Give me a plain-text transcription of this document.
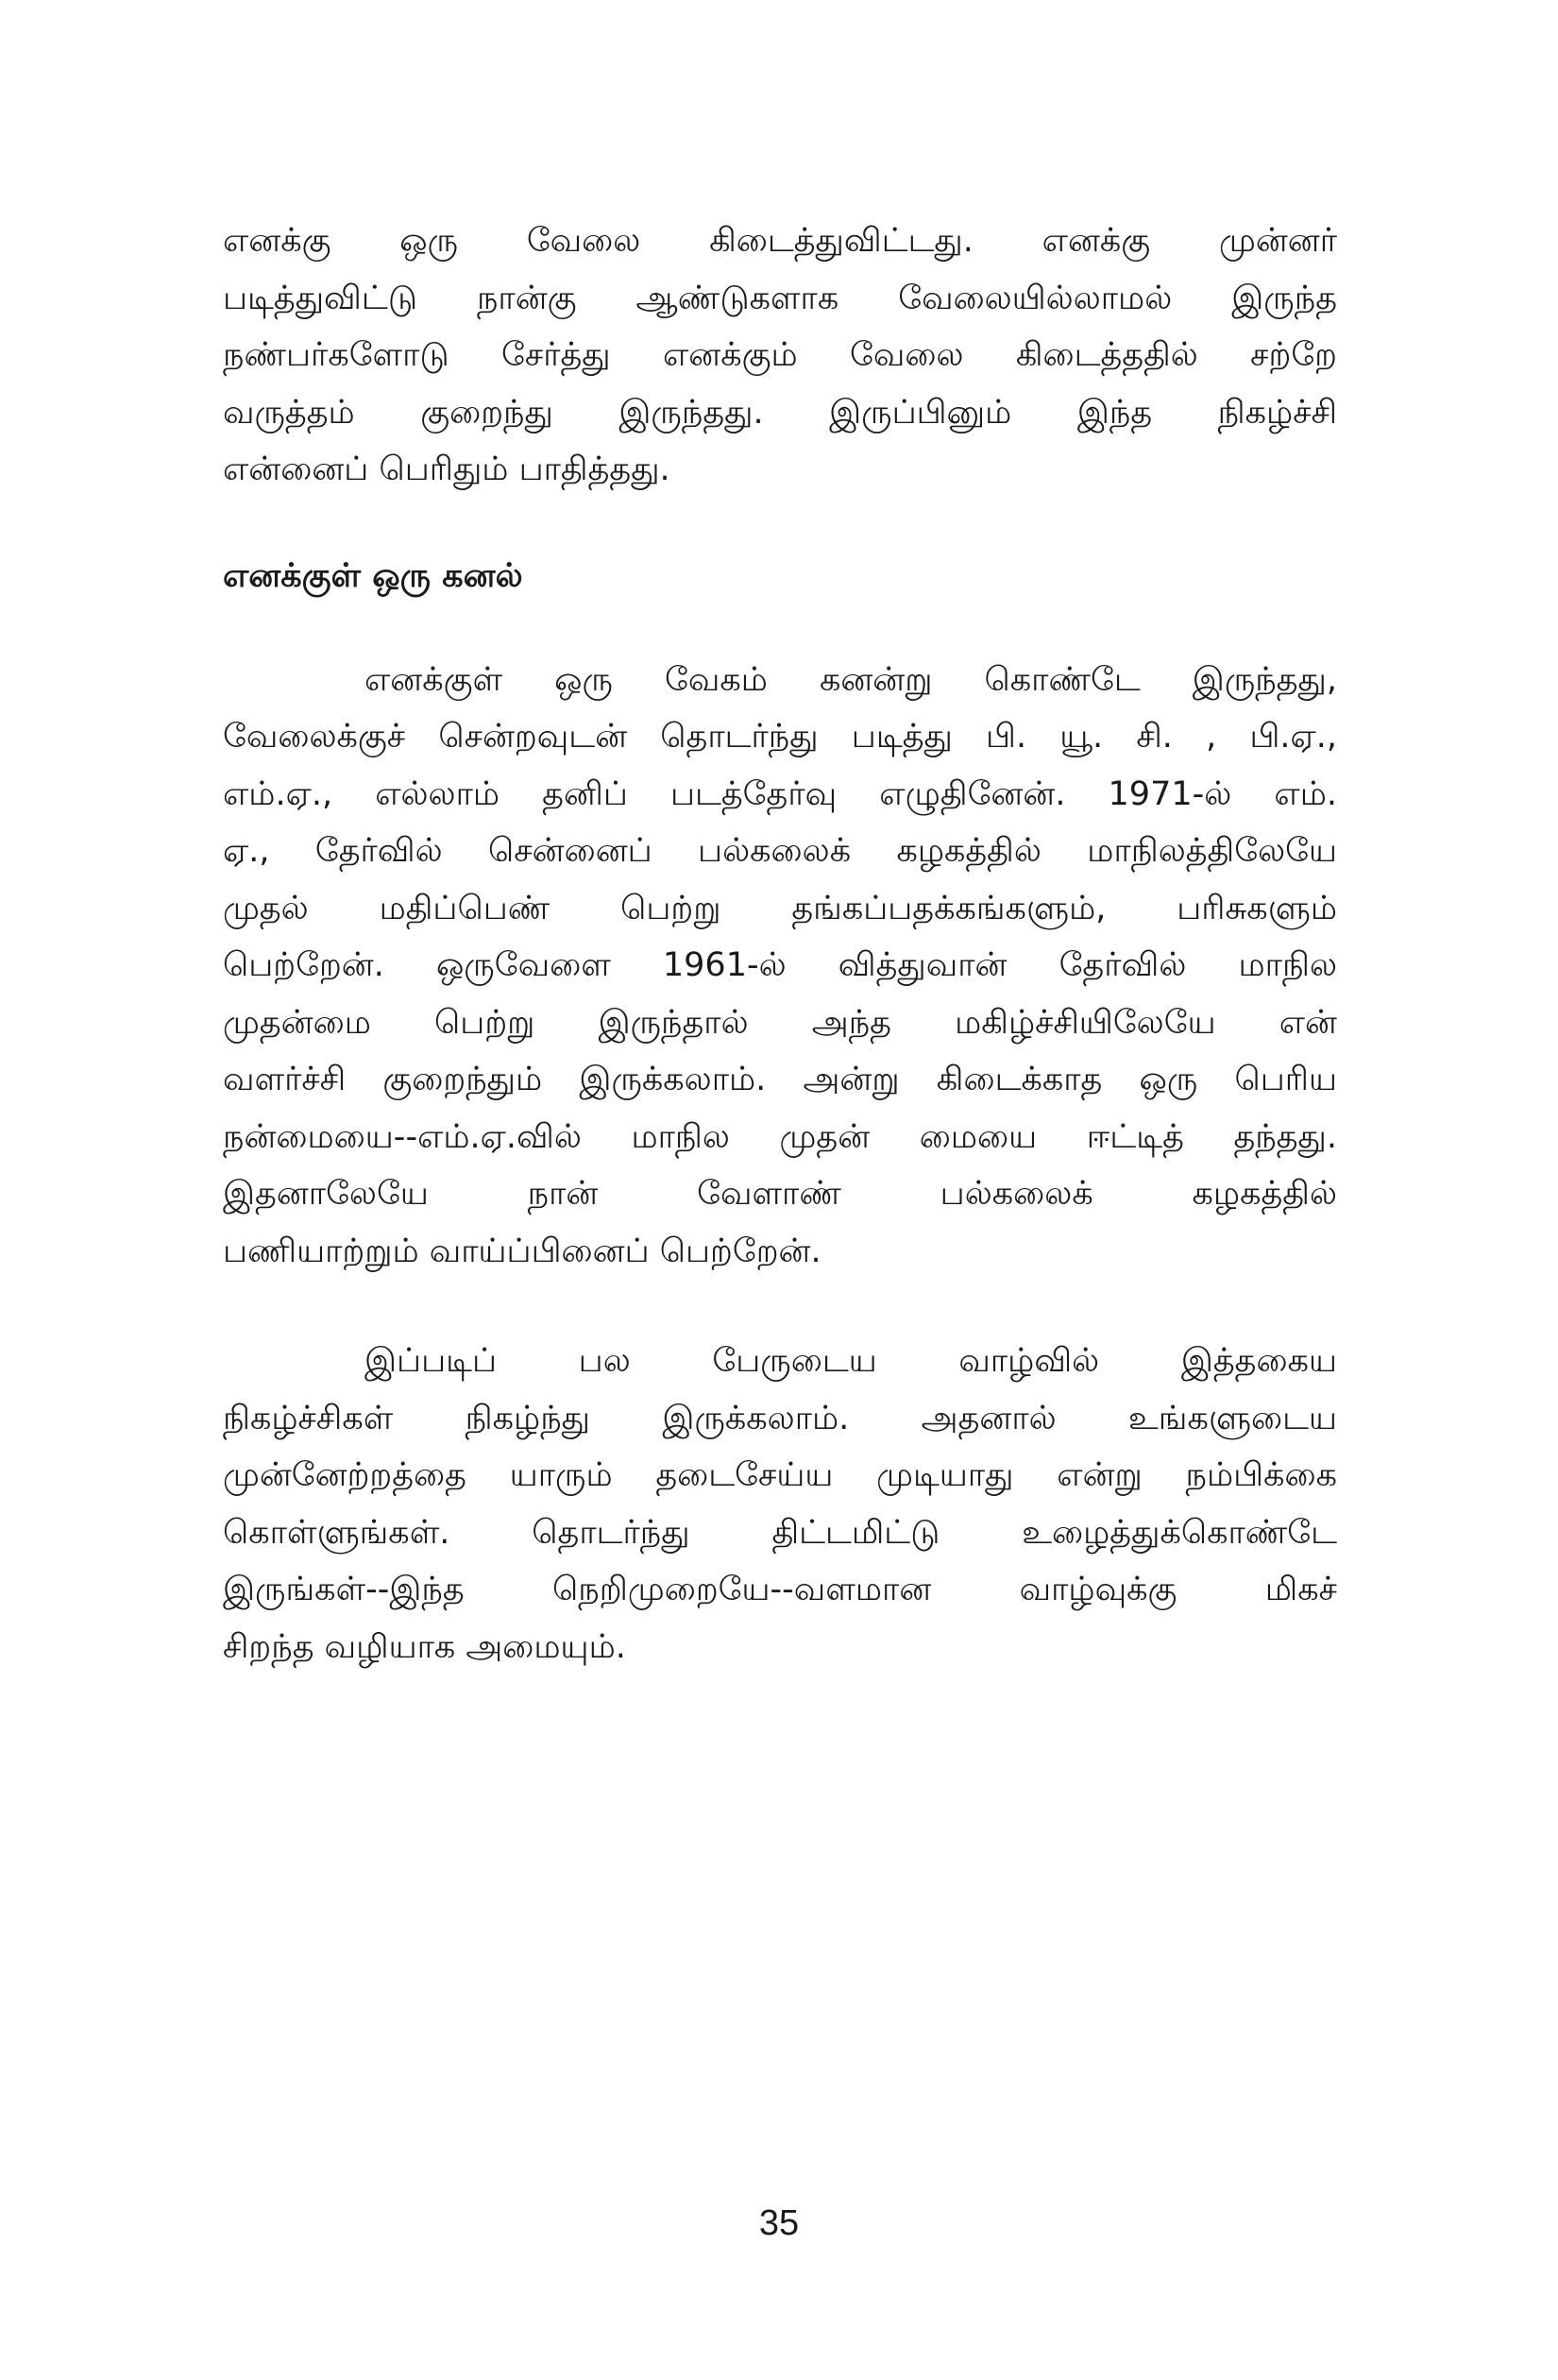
எனக்கு ஒரு வேலை கிடைத்துவிட்டது. எனக்கு முன்னர்
படித்துவிட்டு நான்கு ஆண்டுகளாக வேலையில்லாமல் இருந்த
நண்பர்களோடு சேர்த்து எனக்கும் வேலை கிடைத்ததில் சற்றே
வருத்தம் குறைந்து இருந்தது. இருப்பினும் இந்த நிகழ்ச்சி
என்னைப் பெரிதும் பாதித்தது.
எனக்குள் ஒரு கனல்
எனக்குள் ஒரு வேகம் கனன்று கொண்டே இருந்தது,
வேலைக்குச் சென்றவுடன் தொடர்ந்து படித்து பி. யூ. சி. , பி.ஏ.,
எம்.ஏ., எல்லாம் தனிப் படத்தேர்வு எழுதினேன். 1971-ல் எம்.
ஏ., தேர்வில் சென்னைப் பல்கலைக் கழகத்தில் மாநிலத்திலேயே
முதல் மதிப்பெண் பெற்று தங்கப்பதக்கங்களும், பரிசுகளும்
பெற்றேன். ஒருவேளை 1961-ல் வித்துவான் தேர்வில் மாநில
முதன்மை பெற்று இருந்தால் அந்த மகிழ்ச்சியிலேயே என்
வளர்ச்சி குறைந்தும் இருக்கலாம். அன்று கிடைக்காத ஒரு பெரிய
நன்மையை--எம்.ஏ.வில் மாநில முதன் மையை ஈட்டித் தந்தது.
இதனாலேயே நான் வேளாண் பல்கலைக் கழகத்தில்
பணியாற்றும் வாய்ப்பினைப் பெற்றேன்.
இப்படிப் பல பேருடைய வாழ்வில் இத்தகைய
நிகழ்ச்சிகள் நிகழ்ந்து இருக்கலாம். அதனால் உங்களுடைய
முன்னேற்றத்தை யாரும் தடைசேய்ய முடியாது என்று நம்பிக்கை
கொள்ளுங்கள். தொடர்ந்து திட்டமிட்டு உழைத்துக்கொண்டே
இருங்கள்--இந்த நெறிமுறையே--வளமான வாழ்வுக்கு மிகச்
சிறந்த வழியாக அமையும்.
35
